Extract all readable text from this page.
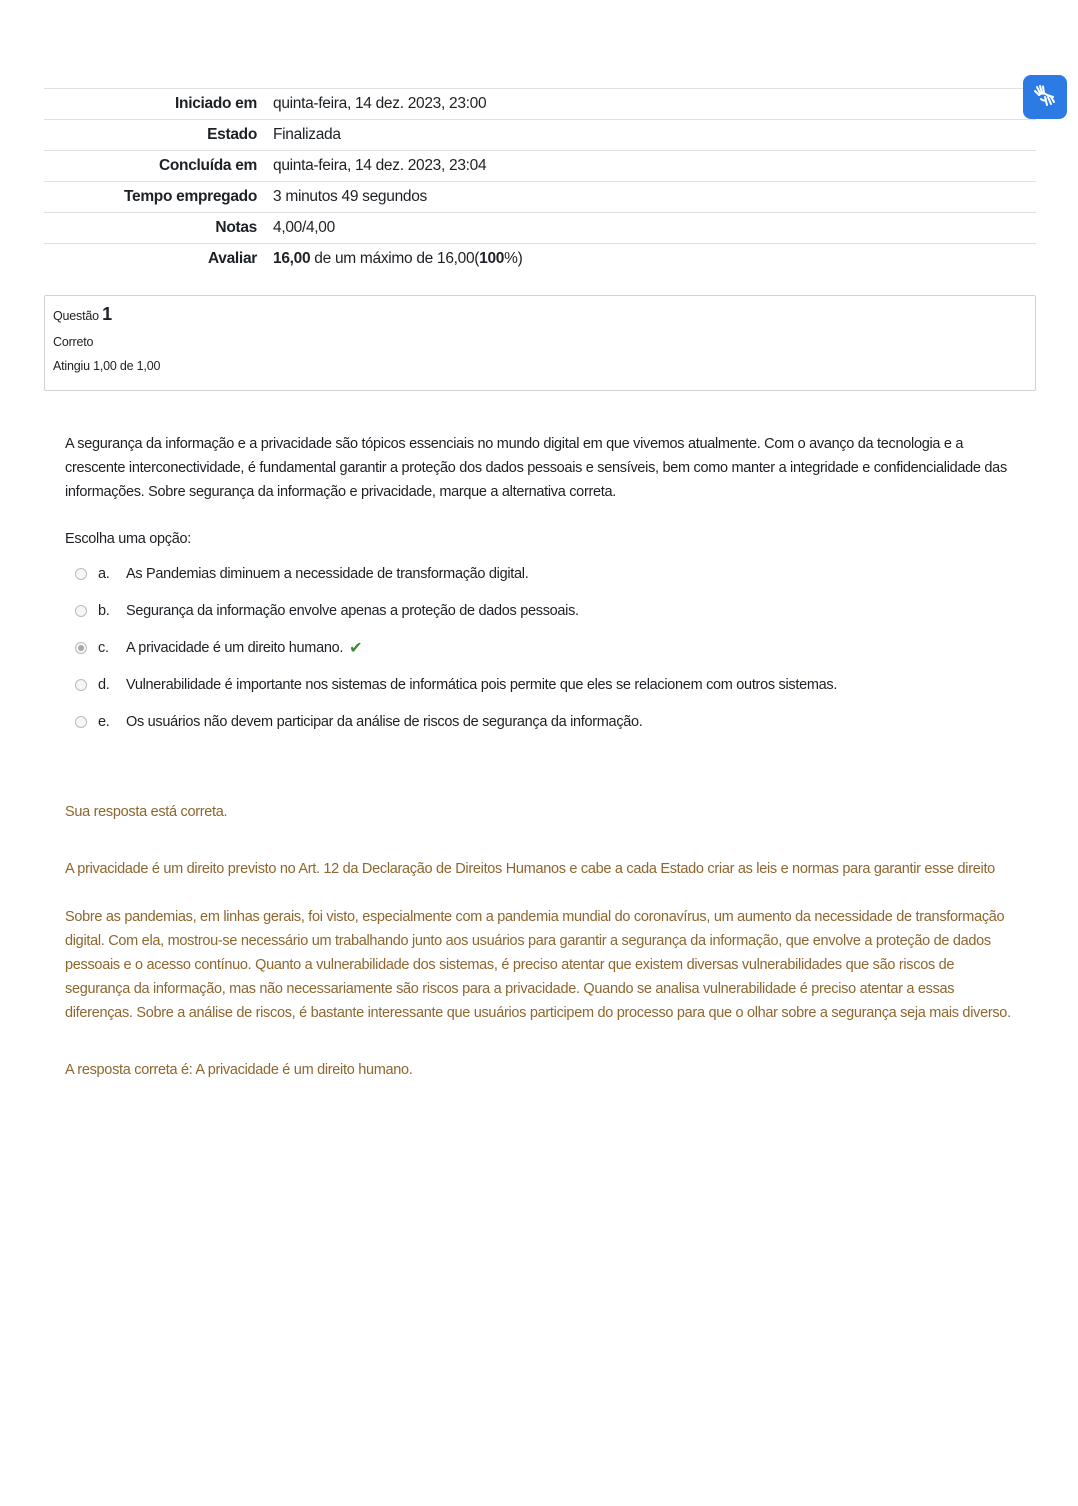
Iniciado em	quinta-feira, 14 dez. 2023, 23:00
Estado	Finalizada
Concluída em	quinta-feira, 14 dez. 2023, 23:04
Tempo empregado	3 minutos 49 segundos
Notas	4,00/4,00
Avaliar	16,00 de um máximo de 16,00(100%)
Questão 1
Correto
Atingiu 1,00 de 1,00

A segurança da informação e a privacidade são tópicos essenciais no mundo digital em que vivemos atualmente. Com o avanço da tecnologia e a crescente interconectividade, é fundamental garantir a proteção dos dados pessoais e sensíveis, bem como manter a integridade e confidencialidade das informações. Sobre segurança da informação e privacidade, marque a alternativa correta.

Escolha uma opção:

a.	As Pandemias diminuem a necessidade de transformação digital.
b.	Segurança da informação envolve apenas a proteção de dados pessoais.
c.	A privacidade é um direito humano. ✔
d.	Vulnerabilidade é importante nos sistemas de informática pois permite que eles se relacionem com outros sistemas.
e.	Os usuários não devem participar da análise de riscos de segurança da informação.

Sua resposta está correta.

A privacidade é um direito previsto no Art. 12 da Declaração de Direitos Humanos e cabe a cada Estado criar as leis e normas para garantir esse direito

Sobre as pandemias, em linhas gerais, foi visto, especialmente com a pandemia mundial do coronavírus, um aumento da necessidade de transformação digital. Com ela, mostrou-se necessário um trabalhando junto aos usuários para garantir a segurança da informação, que envolve a proteção de dados pessoais e o acesso contínuo. Quanto a vulnerabilidade dos sistemas, é preciso atentar que existem diversas vulnerabilidades que são riscos de segurança da informação, mas não necessariamente são riscos para a privacidade. Quando se analisa vulnerabilidade é preciso atentar a essas diferenças. Sobre a análise de riscos, é bastante interessante que usuários participem do processo para que o olhar sobre a segurança seja mais diverso.

A resposta correta é: A privacidade é um direito humano.
